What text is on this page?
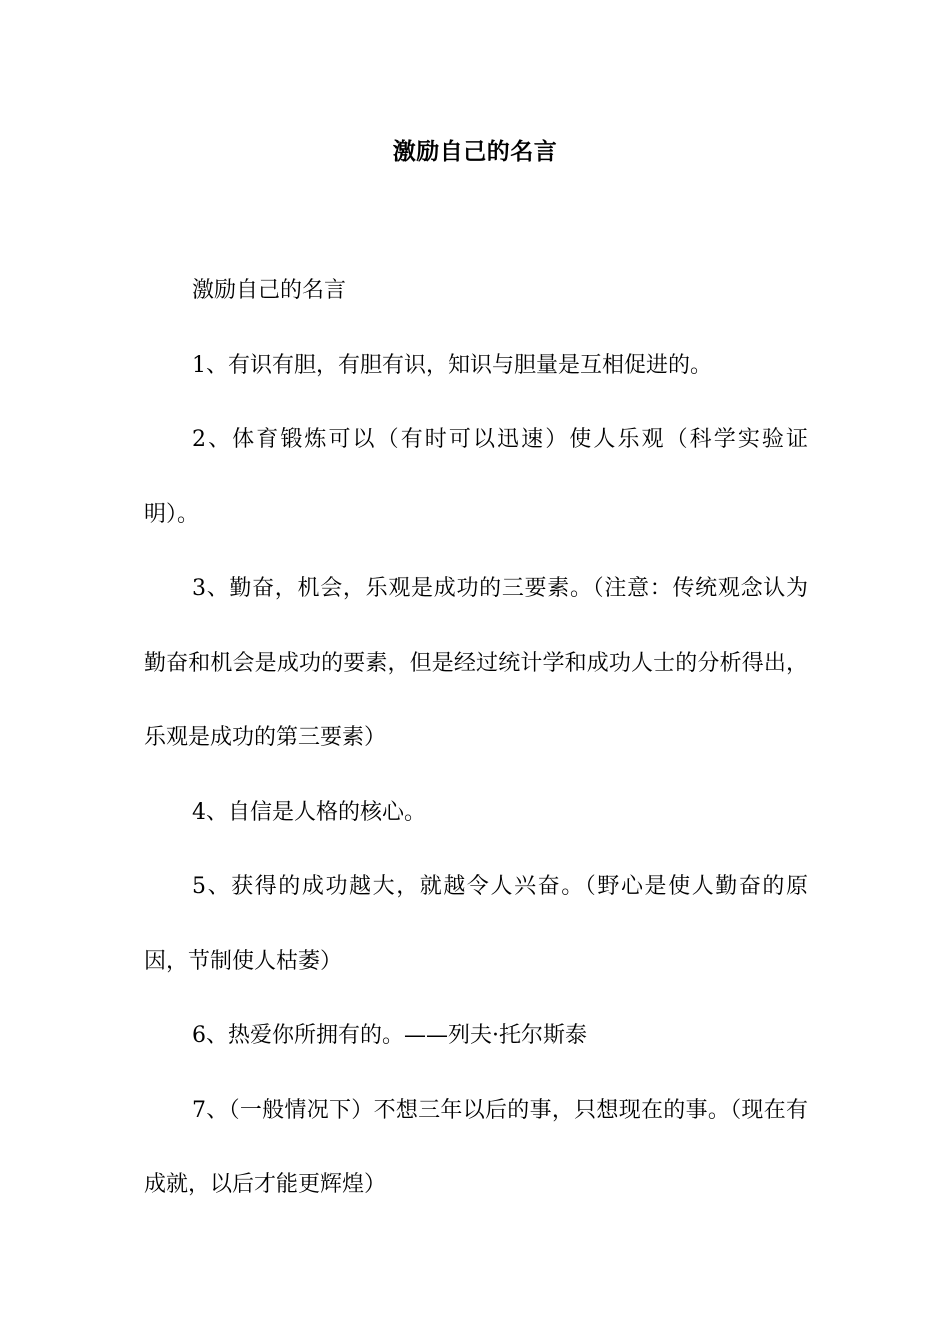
激励自己的名言

激励自己的名言

1、有识有胆，有胆有识，知识与胆量是互相促进的。

2、体育锻炼可以（有时可以迅速）使人乐观（科学实验证明）。

3、勤奋，机会，乐观是成功的三要素。（注意：传统观念认为勤奋和机会是成功的要素，但是经过统计学和成功人士的分析得出，乐观是成功的第三要素）

4、自信是人格的核心。

5、获得的成功越大，就越令人兴奋。（野心是使人勤奋的原因，节制使人枯萎）

6、热爱你所拥有的。——列夫·托尔斯泰

7、（一般情况下）不想三年以后的事，只想现在的事。（现在有成就，以后才能更辉煌）
